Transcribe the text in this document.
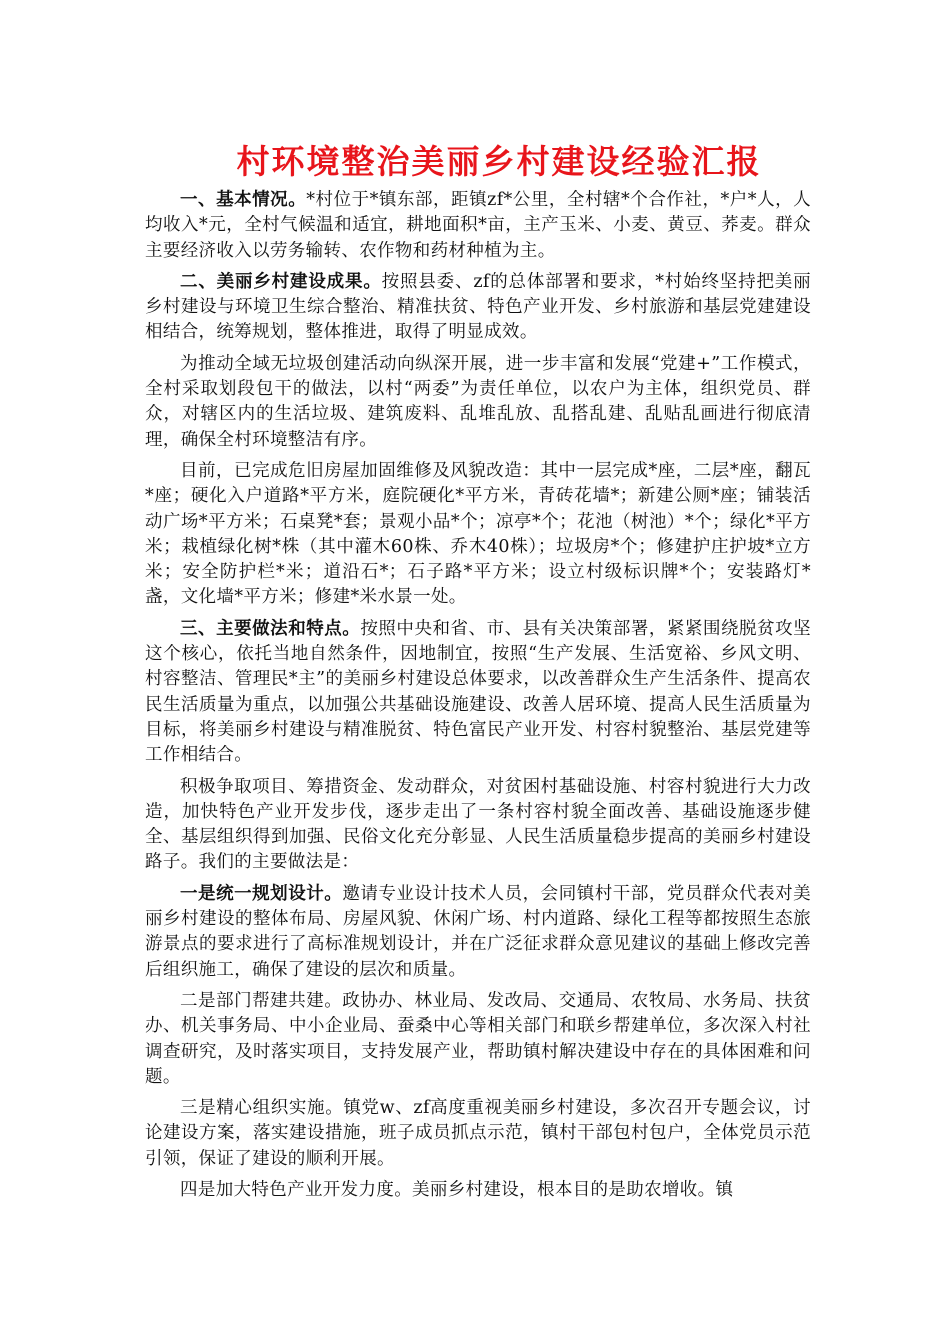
村环境整治美丽乡村建设经验汇报

一、基本情况。*村位于*镇东部，距镇zf*公里，全村辖*个合作社，*户*人，人均收入*元，全村气候温和适宜，耕地面积*亩，主产玉米、小麦、黄豆、荞麦。群众主要经济收入以劳务输转、农作物和药材种植为主。

二、美丽乡村建设成果。按照县委、zf的总体部署和要求，*村始终坚持把美丽乡村建设与环境卫生综合整治、精准扶贫、特色产业开发、乡村旅游和基层党建建设相结合，统筹规划，整体推进，取得了明显成效。

为推动全域无垃圾创建活动向纵深开展，进一步丰富和发展“党建+”工作模式，全村采取划段包干的做法，以村“两委”为责任单位，以农户为主体，组织党员、群众，对辖区内的生活垃圾、建筑废料、乱堆乱放、乱搭乱建、乱贴乱画进行彻底清理，确保全村环境整洁有序。

目前，已完成危旧房屋加固维修及风貌改造：其中一层完成*座，二层*座，翻瓦*座；硬化入户道路*平方米，庭院硬化*平方米，青砖花墙*；新建公厕*座；铺装活动广场*平方米；石桌凳*套；景观小品*个；凉亭*个；花池（树池）*个；绿化*平方米；栽植绿化树*株（其中灌木60株、乔木40株）；垃圾房*个；修建护庄护坡*立方米；安全防护栏*米；道沿石*；石子路*平方米；设立村级标识牌*个；安装路灯*盏，文化墙*平方米；修建*米水景一处。

三、主要做法和特点。按照中央和省、市、县有关决策部署，紧紧围绕脱贫攻坚这个核心，依托当地自然条件，因地制宜，按照“生产发展、生活宽裕、乡风文明、村容整洁、管理民*主”的美丽乡村建设总体要求，以改善群众生产生活条件、提高农民生活质量为重点，以加强公共基础设施建设、改善人居环境、提高人民生活质量为目标，将美丽乡村建设与精准脱贫、特色富民产业开发、村容村貌整治、基层党建等工作相结合。

积极争取项目、筹措资金、发动群众，对贫困村基础设施、村容村貌进行大力改造，加快特色产业开发步伐，逐步走出了一条村容村貌全面改善、基础设施逐步健全、基层组织得到加强、民俗文化充分彰显、人民生活质量稳步提高的美丽乡村建设路子。我们的主要做法是：

一是统一规划设计。邀请专业设计技术人员，会同镇村干部，党员群众代表对美丽乡村建设的整体布局、房屋风貌、休闲广场、村内道路、绿化工程等都按照生态旅游景点的要求进行了高标准规划设计，并在广泛征求群众意见建议的基础上修改完善后组织施工，确保了建设的层次和质量。

二是部门帮建共建。政协办、林业局、发改局、交通局、农牧局、水务局、扶贫办、机关事务局、中小企业局、蚕桑中心等相关部门和联乡帮建单位，多次深入村社调查研究，及时落实项目，支持发展产业，帮助镇村解决建设中存在的具体困难和问题。

三是精心组织实施。镇党w、zf高度重视美丽乡村建设，多次召开专题会议，讨论建设方案，落实建设措施，班子成员抓点示范，镇村干部包村包户，全体党员示范引领，保证了建设的顺利开展。

四是加大特色产业开发力度。美丽乡村建设，根本目的是助农增收。镇
